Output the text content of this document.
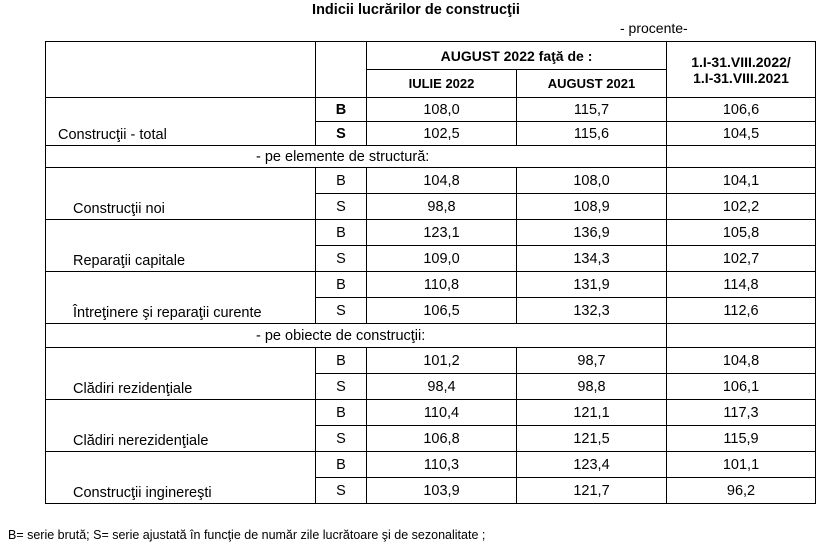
Indicii lucrărilor de construcţii
- procente-
		AUGUST 2022 faţă de :		1.I-31.VIII.2022/
1.I-31.VIII.2021

		IULIE 2022	AUGUST 2021	
Construcţii - total	B	108,0	115,7	106,6
	S	102,5	115,6	104,5
- pe elemente de structură:				
Construcţii noi	B	104,8	108,0	104,1
	S	98,8	108,9	102,2
Reparaţii capitale	B	123,1	136,9	105,8
	S	109,0	134,3	102,7
Întreţinere şi reparaţii curente	B	110,8	131,9	114,8
	S	106,5	132,3	112,6
- pe obiecte de construcţii:				
Clădiri rezidenţiale	B	101,2	98,7	104,8
	S	98,4	98,8	106,1
Clădiri nerezidenţiale	B	110,4	121,1	117,3
	S	106,8	121,5	115,9
Construcţii inginereşti	B	110,3	123,4	101,1
	S	103,9	121,7	96,2
B= serie brută; S= serie ajustată în funcţie de număr zile lucrătoare şi de sezonalitate ;
